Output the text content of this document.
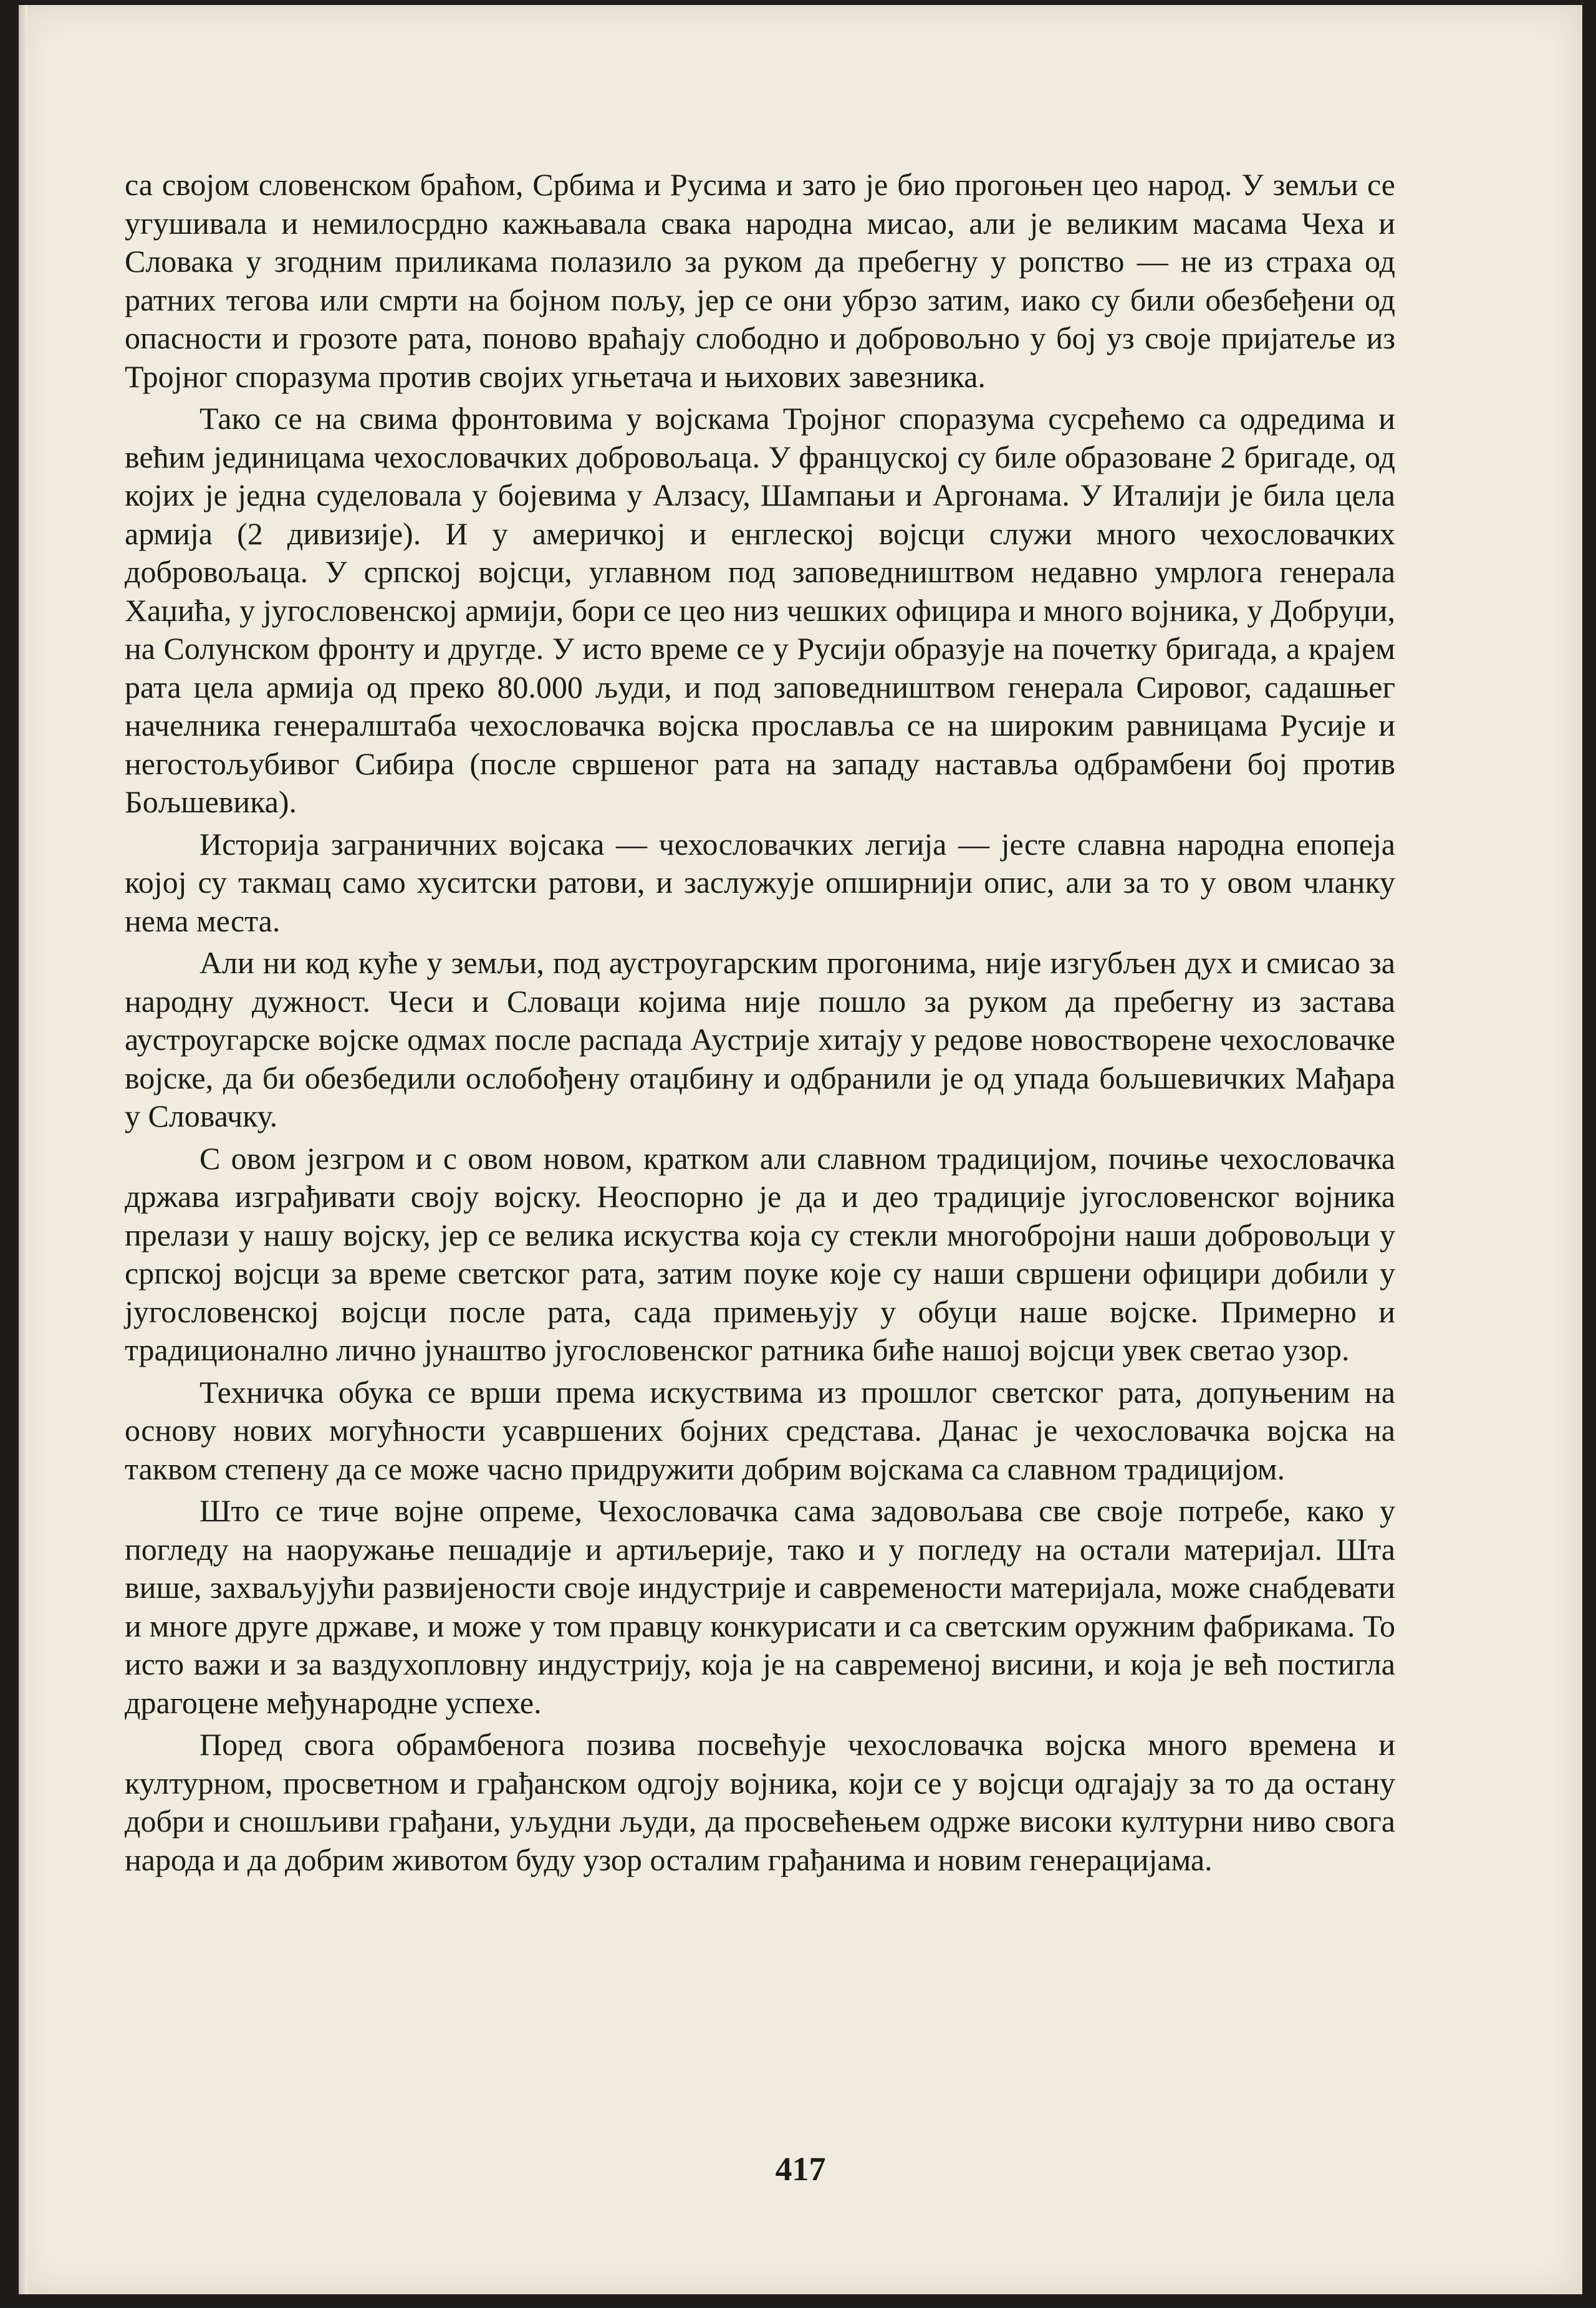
са својом словенском браћом, Србима и Русима и зато је био прогоњен цео народ. У земљи се угушивала и немилосрдно кажњавала свака народна мисао, али је великим масама Чеха и Словака у згодним приликама полазило за руком да пребегну у ропство — не из страха од ратних тегова или смрти на бојном пољу, јер се они убрзо затим, иако су били обезбеђени од опасности и грозоте рата, поново враћају слободно и добровољно у бој уз своје пријатеље из Тројног споразума против својих угњетача и њихових завезника.

Тако се на свима фронтовима у војскама Тројног споразума сусрећемо са одредима и већим јединицама чехословачких добровољаца. У француској су биле образоване 2 бригаде, од којих је једна суделовала у бојевима у Алзасу, Шампањи и Аргонама. У Италији је била цела армија (2 дивизије). И у америчкој и енглеској војсци служи много чехословачких добровољаца. У српској војсци, углавном под заповедништвом недавно умрлога генерала Хаџића, у југословенској армији, бори се цео низ чешких официра и много војника, у Добруџи, на Солунском фронту и другде. У исто време се у Русији образује на почетку бригада, а крајем рата цела армија од преко 80.000 људи, и под заповедништвом генерала Сировог, садашњег начелника генералштаба чехословачка војска прославља се на широким равницама Русије и негостољубивог Сибира (после свршеног рата на западу наставља одбрамбени бој против Бољшевика).

Историја заграничних војсака — чехословачких легија — јесте славна народна епопеја којој су такмац само хуситски ратови, и заслужује опширнији опис, али за то у овом чланку нема места.

Али ни код куће у земљи, под аустроугарским прогонима, није изгубљен дух и смисао за народну дужност. Чеси и Словаци којима није пошло за руком да пребегну из застава аустроугарске војске одмах после распада Аустрије хитају у редове новостворене чехословачке војске, да би обезбедили ослобођену отаџбину и одбранили је од упада бољшевичких Мађара у Словачку.

С овом језгром и с овом новом, кратком али славном традицијом, почиње чехословачка држава изграђивати своју војску. Неоспорно је да и део традиције југословенског војника прелази у нашу војску, јер се велика искуства која су стекли многобројни наши добровољци у српској војсци за време светског рата, затим поуке које су наши свршени официри добили у југословенској војсци после рата, сада примењују у обуци наше војске. Примерно и традиционално лично јунаштво југословенског ратника биће нашој војсци увек светао узор.

Техничка обука се врши према искуствима из прошлог светског рата, допуњеним на основу нових могућности усавршених бојних средстава. Данас је чехословачка војска на таквом степену да се може часно придружити добрим војскама са славном традицијом.

Што се тиче војне опреме, Чехословачка сама задовољава све своје потребе, како у погледу на наоружање пешадије и артиљерије, тако и у погледу на остали материјал. Шта више, захваљујући развијености своје индустрије и савремености материјала, може снабдевати и многе друге државе, и може у том правцу конкурисати и са светским оружним фабрикама. То исто важи и за ваздухопловну индустрију, која је на савременој висини, и која је већ постигла драгоцене међународне успехе.

Поред свога обрамбенога позива посвећује чехословачка војска много времена и културном, просветном и грађанском одгоју војника, који се у војсци одгајају за то да остану добри и сношљиви грађани, уљудни људи, да просвећењем одрже високи културни ниво свога народа и да добрим животом буду узор осталим грађанима и новим генерацијама.

417
